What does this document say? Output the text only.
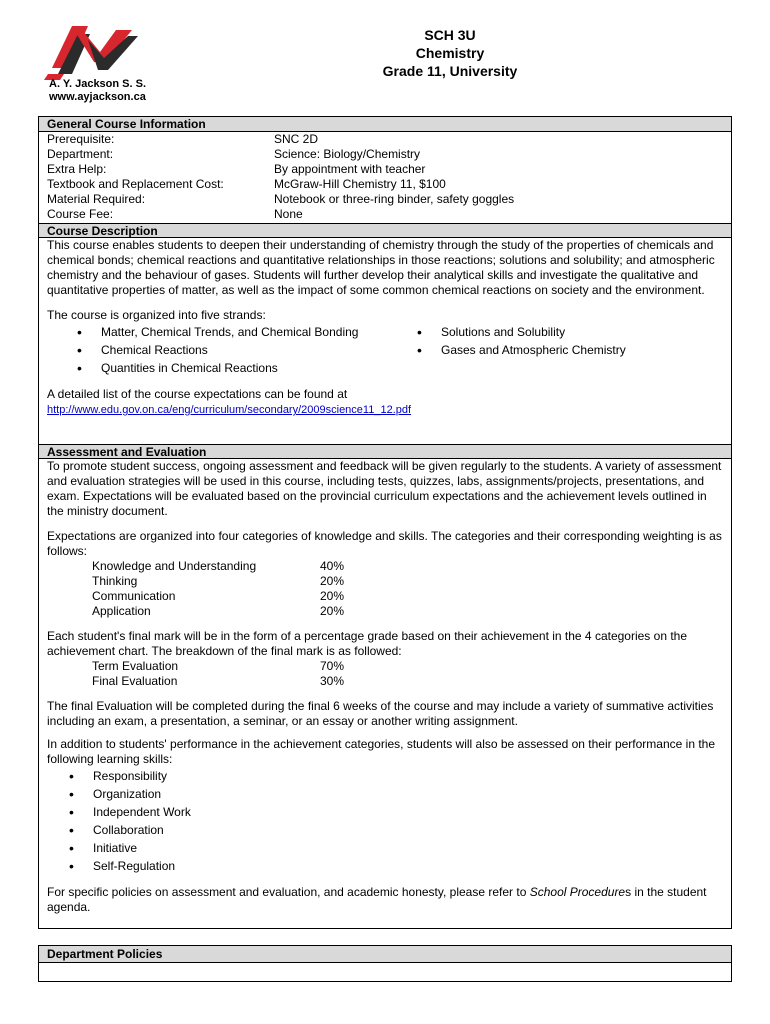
A. Y. Jackson S. S.
www.ayjackson.ca
SCH 3U
Chemistry
Grade 11, University
General Course Information
Prerequisite:	SNC 2D
Department:	Science: Biology/Chemistry
Extra Help:	By appointment with teacher
Textbook and Replacement Cost:	McGraw-Hill Chemistry 11, $100
Material Required:	Notebook or three-ring binder, safety goggles
Course Fee:	None
Course Description

This course enables students to deepen their understanding of chemistry through the study of the properties of chemicals and chemical bonds; chemical reactions and quantitative relationships in those reactions; solutions and solubility; and atmospheric chemistry and the behaviour of gases. Students will further develop their analytical skills and investigate the qualitative and quantitative properties of matter, as well as the impact of some common chemical reactions on society and the environment.

The course is organized into five strands:

• Matter, Chemical Trends, and Chemical Bonding
• Chemical Reactions
• Quantities in Chemical Reactions
• Solutions and Solubility
• Gases and Atmospheric Chemistry

A detailed list of the course expectations can be found at

http://www.edu.gov.on.ca/eng/curriculum/secondary/2009science11_12.pdf
Assessment and Evaluation

To promote student success, ongoing assessment and feedback will be given regularly to the students. A variety of assessment and evaluation strategies will be used in this course, including tests, quizzes, labs, assignments/projects, presentations, and exam. Expectations will be evaluated based on the provincial curriculum expectations and the achievement levels outlined in the ministry document.

Expectations are organized into four categories of knowledge and skills. The categories and their corresponding weighting is as follows:

Knowledge and Understanding	40%
Thinking	20%
Communication	20%
Application	20%

Each student's final mark will be in the form of a percentage grade based on their achievement in the 4 categories on the achievement chart. The breakdown of the final mark is as followed:

Term Evaluation	70%
Final Evaluation	30%

The final Evaluation will be completed during the final 6 weeks of the course and may include a variety of summative activities including an exam, a presentation, a seminar, or an essay or another writing assignment.

In addition to students' performance in the achievement categories, students will also be assessed on their performance in the following learning skills:

• Responsibility
• Organization
• Independent Work
• Collaboration
• Initiative
• Self-Regulation

For specific policies on assessment and evaluation, and academic honesty, please refer to School Procedures in the student agenda.

Department Policies
